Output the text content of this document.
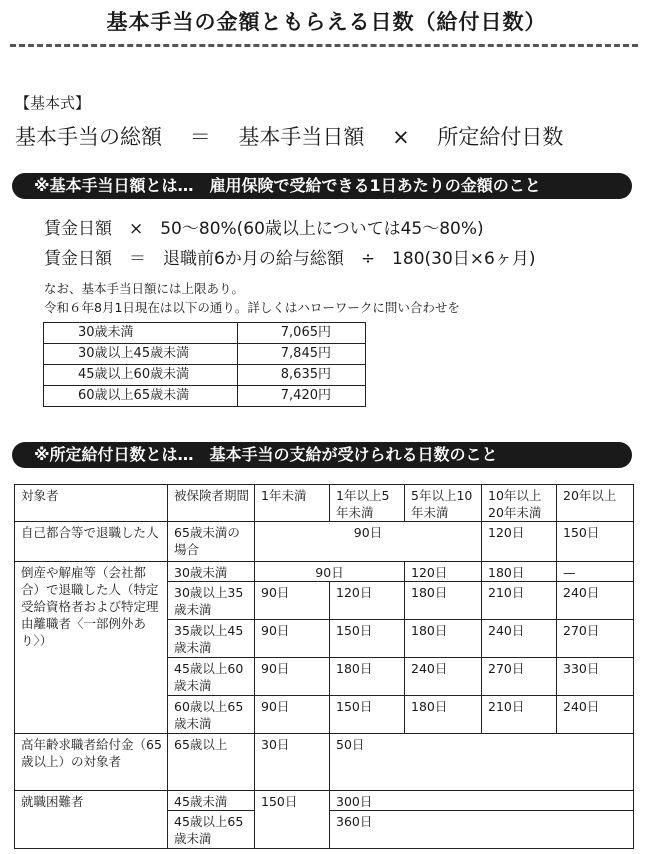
基本手当の金額ともらえる日数（給付日数）
【基本式】
基本手当の総額　 ＝　 基本手当日額　 ×　 所定給付日数
※基本手当日額とは…　雇用保険で受給できる1日あたりの金額のこと
賃金日額　×　50〜80%(60歳以上については45〜80%)
賃金日額　＝　退職前6か月の給与総額　÷　180(30日×6ヶ月)
なお、基本手当日額には上限あり。
令和６年8月1日現在は以下の通り。詳しくはハローワークに問い合わせを
30歳未満	7,065円
30歳以上45歳未満	7,845円
45歳以上60歳未満	8,635円
60歳以上65歳未満	7,420円
※所定給付日数とは…　基本手当の支給が受けられる日数のこと
対象者	被保険者期間	1年未満	1年以上5年未満	5年以上10年未満	10年以上20年未満	20年以上
自己都合等で退職した人	65歳未満の場合	90日			120日	150日
倒産や解雇等（会社都合）で退職した人（特定受給資格者および特定理由離職者〈一部例外あり〉）	30歳未満	90日		120日	180日	—
	30歳以上35歳未満	90日	120日	180日	210日	240日
	35歳以上45歳未満	90日	150日	180日	240日	270日
	45歳以上60歳未満	90日	180日	240日	270日	330日
	60歳以上65歳未満	90日	150日	180日	210日	240日
高年齢求職者給付金（65歳以上）の対象者	65歳以上	30日	50日			
就職困難者	45歳未満	150日	300日			
	45歳以上65歳未満		360日			
